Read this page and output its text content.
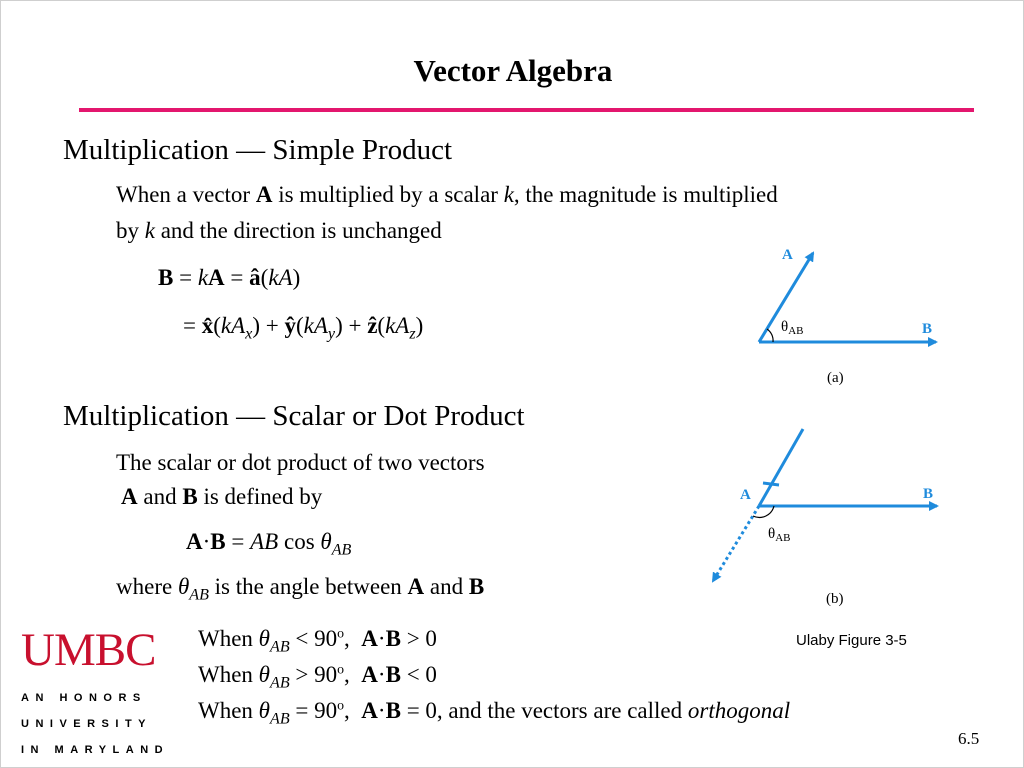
Vector Algebra
Multiplication — Simple Product
When a vector A is multiplied by a scalar k, the magnitude is multiplied
by k and the direction is unchanged
B = kA = â(kA)
= $x̂(kA_x)$ + $ŷ(kA_y)$ + $ẑ(kA_z)$
Multiplication — Scalar or Dot Product
The scalar or dot product of two vectors
A and B is defined by
A·B = AB $\cos \theta_{AB}$
where $\theta_{AB}$ is the angle between A and B
When $\theta_{AB} < 90^o$,  A·B > 0
When $\theta_{AB} > 90^o$,  A·B < 0
When $\theta_{AB} = 90^o$,  A·B = 0, and the vectors are called orthogonal
$\theta_{AB}$
A
B
(a)
$\theta_{AB}$
A	B
(b)
Ulaby Figure 3-5
UMBC
AN HONORS
UNIVERSITY
IN MARYLAND
6.5
